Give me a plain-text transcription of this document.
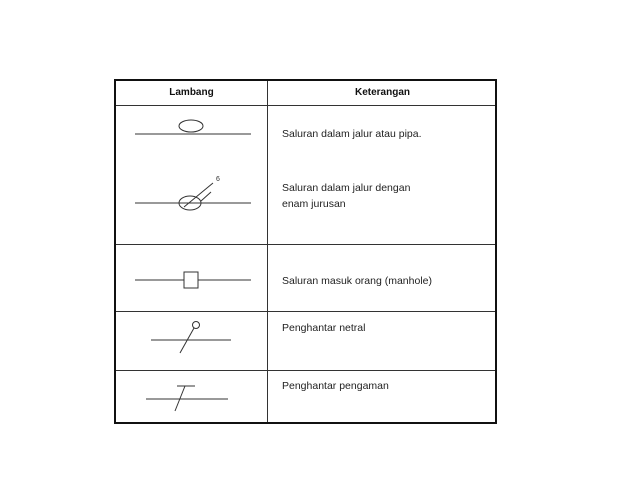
Lambang	Keterangan
6
Saluran dalam jalur atau pipa.
Saluran dalam jalur dengan
enam jurusan
Saluran masuk orang (manhole)
Penghantar netral
Penghantar pengaman
